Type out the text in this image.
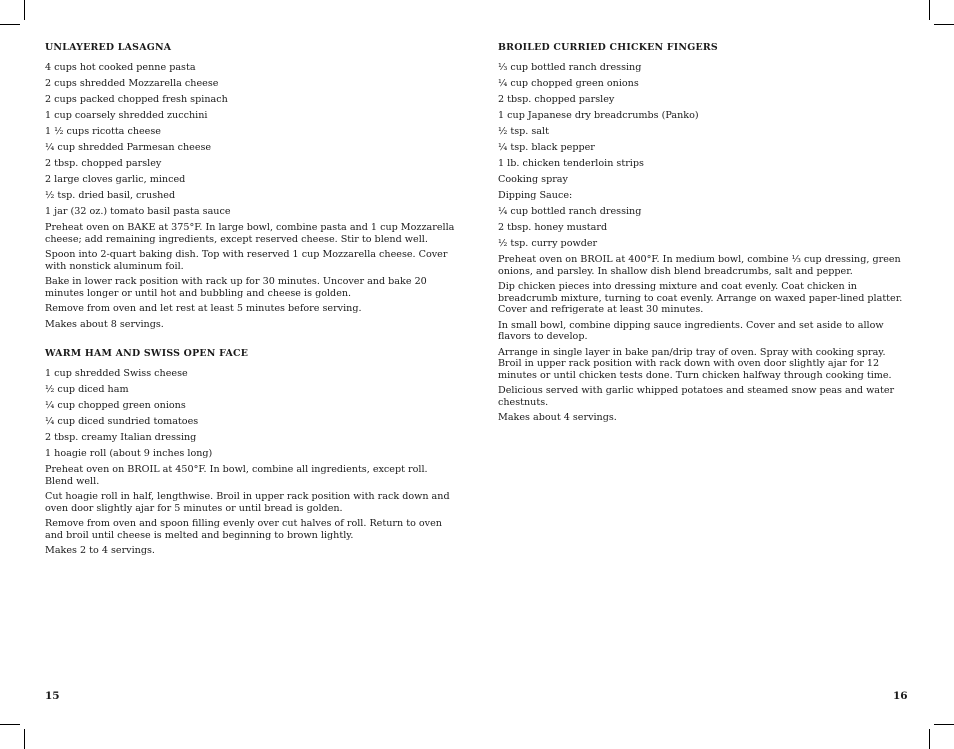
UNLAYERED LASAGNA
4 cups hot cooked penne pasta
2 cups shredded Mozzarella cheese
2 cups packed chopped fresh spinach
1 cup coarsely shredded zucchini
1 ½ cups ricotta cheese
¼ cup shredded Parmesan cheese
2 tbsp. chopped parsley
2 large cloves garlic, minced
½ tsp. dried basil, crushed
1 jar (32 oz.) tomato basil pasta sauce
Preheat oven on BAKE at 375°F. In large bowl, combine pasta and 1 cup Mozzarella cheese; add remaining ingredients, except reserved cheese. Stir to blend well.
Spoon into 2-quart baking dish. Top with reserved 1 cup Mozzarella cheese. Cover with nonstick aluminum foil.
Bake in lower rack position with rack up for 30 minutes. Uncover and bake 20 minutes longer or until hot and bubbling and cheese is golden.
Remove from oven and let rest at least 5 minutes before serving.
Makes about 8 servings.
WARM HAM AND SWISS OPEN FACE
1 cup shredded Swiss cheese
½ cup diced ham
¼ cup chopped green onions
¼ cup diced sundried tomatoes
2 tbsp. creamy Italian dressing
1 hoagie roll (about 9 inches long)
Preheat oven on BROIL at 450°F. In bowl, combine all ingredients, except roll. Blend well.
Cut hoagie roll in half, lengthwise. Broil in upper rack position with rack down and oven door slightly ajar for 5 minutes or until bread is golden.
Remove from oven and spoon filling evenly over cut halves of roll. Return to oven and broil until cheese is melted and beginning to brown lightly.
Makes 2 to 4 servings.
BROILED CURRIED CHICKEN FINGERS
⅓ cup bottled ranch dressing
¼ cup chopped green onions
2 tbsp. chopped parsley
1 cup Japanese dry breadcrumbs (Panko)
½ tsp. salt
¼ tsp. black pepper
1 lb. chicken tenderloin strips
Cooking spray
Dipping Sauce:
¼ cup bottled ranch dressing
2 tbsp. honey mustard
½ tsp. curry powder
Preheat oven on BROIL at 400°F. In medium bowl, combine ⅓ cup dressing, green onions, and parsley. In shallow dish blend breadcrumbs, salt and pepper.
Dip chicken pieces into dressing mixture and coat evenly. Coat chicken in breadcrumb mixture, turning to coat evenly. Arrange on waxed paper-lined platter. Cover and refrigerate at least 30 minutes.
In small bowl, combine dipping sauce ingredients. Cover and set aside to allow flavors to develop.
Arrange in single layer in bake pan/drip tray of oven. Spray with cooking spray. Broil in upper rack position with rack down with oven door slightly ajar for 12 minutes or until chicken tests done. Turn chicken halfway through cooking time.
Delicious served with garlic whipped potatoes and steamed snow peas and water chestnuts.
Makes about 4 servings.
15	16
